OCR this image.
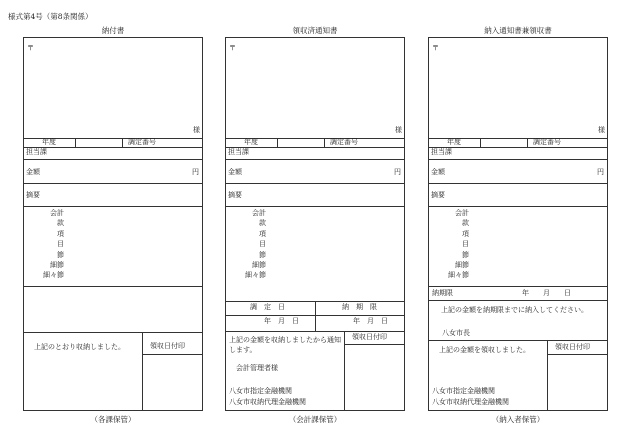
様式第4号（第8条関係）
納付書
〒
様
年度	調定番号
担当課
金額	円
摘要
会計
款
項
目
節
細節
細々節
上記のとおり収納しました。	領収日付印
（各課保管）
領収済通知書
〒
様
年度	調定番号
担当課
金額	円
摘要
会計
款
項
目
節
細節
細々節
調　定　日	納　期　限
年　月　日	年　月　日
上記の金額を収納しましたから通知します。
領収日付印
会計管理者様
八女市指定金融機関
八女市収納代理金融機関
（会計課保管）
納入通知書兼領収書
〒
様
年度	調定番号
担当課
金額	円
摘要
会計
款
項
目
節
細節
細々節
納期限	年　　月　　日
上記の金額を納期限までに納入してください。
八女市長
上記の金額を領収しました。	領収日付印
八女市指定金融機関
八女市収納代理金融機関
（納入者保管）
